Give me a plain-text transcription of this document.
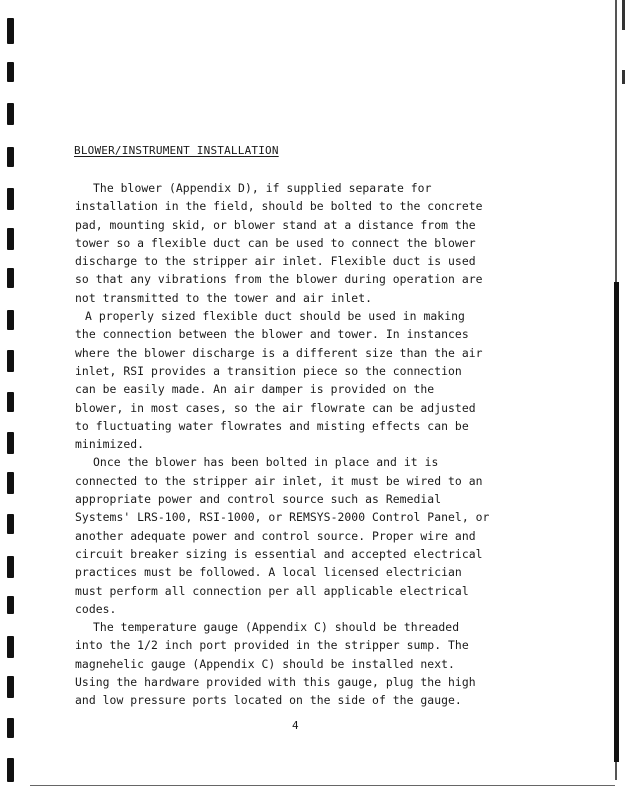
BLOWER/INSTRUMENT INSTALLATION
The blower (Appendix D), if supplied separate for
installation in the field, should be bolted to the concrete
pad, mounting skid, or blower stand at a distance from the
tower so a flexible duct can be used to connect the blower
discharge to the stripper air inlet. Flexible duct is used
so that any vibrations from the blower during operation are
not transmitted to the tower and air inlet.
A properly sized flexible duct should be used in making
the connection between the blower and tower. In instances
where the blower discharge is a different size than the air
inlet, RSI provides a transition piece so the connection
can be easily made. An air damper is provided on the
blower, in most cases, so the air flowrate can be adjusted
to fluctuating water flowrates and misting effects can be
minimized.
Once the blower has been bolted in place and it is
connected to the stripper air inlet, it must be wired to an
appropriate power and control source such as Remedial
Systems' LRS-100, RSI-1000, or REMSYS-2000 Control Panel, or
another adequate power and control source. Proper wire and
circuit breaker sizing is essential and accepted electrical
practices must be followed. A local licensed electrician
must perform all connection per all applicable electrical
codes.
The temperature gauge (Appendix C) should be threaded
into the 1/2 inch port provided in the stripper sump. The
magnehelic gauge (Appendix C) should be installed next.
Using the hardware provided with this gauge, plug the high
and low pressure ports located on the side of the gauge.
4
